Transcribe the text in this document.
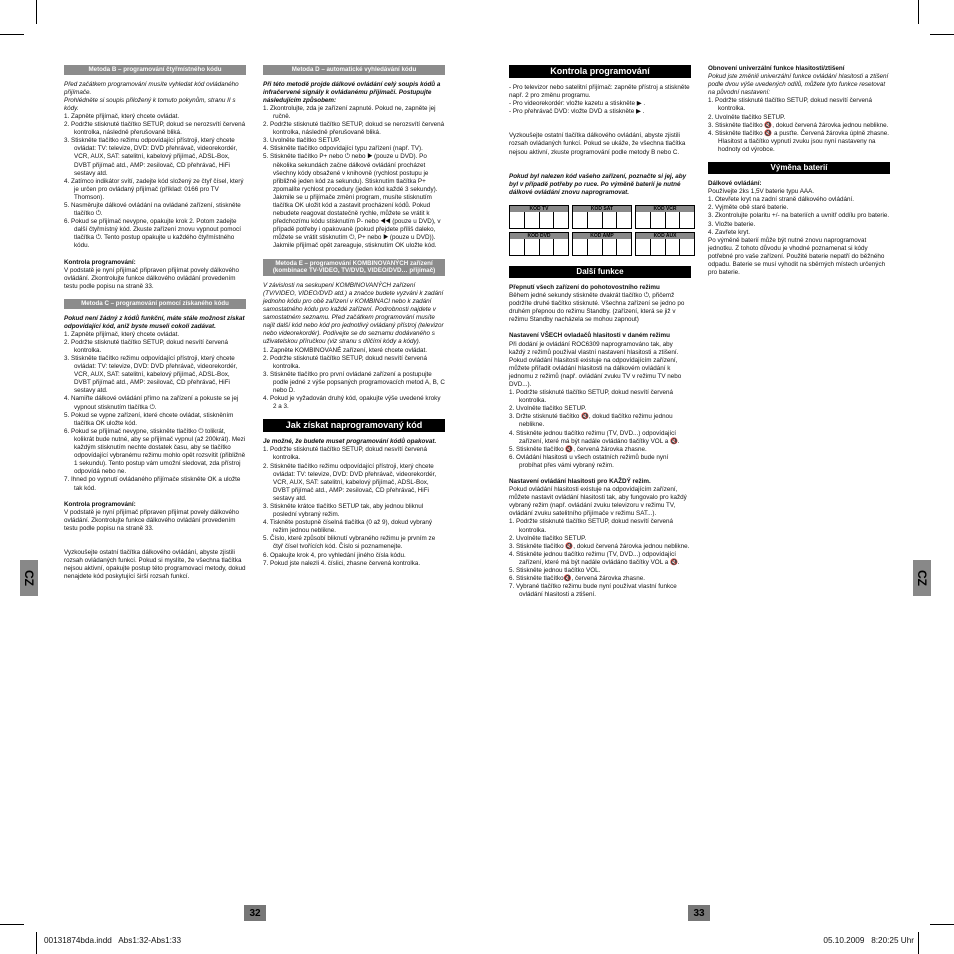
CZ	CZ
Metoda B – programování čtyřmístného kódu

Před začátkem programování musíte vyhledat kód ovládaného přijímače.

Prohlédněte si soupis přiložený k tomuto pokynům, stranu II s kódy.

1. Zapněte přijímač, který chcete ovládat.
2. Podržte stisknuté tlačítko SETUP, dokud se nerozsvítí červená kontrolka, následně přerušovaně bliká.
3. Stiskněte tlačítko režimu odpovídající přístroji, který chcete ovládat: TV: televize, DVD: DVD přehrávač, videorekordér, VCR, AUX, SAT: satelitní, kabelový přijímač, ADSL-Box, DVBT přijímač atd., AMP: zesilovač, CD přehrávač, HiFi sestavy atd.
4. Zatímco indikátor svítí, zadejte kód složený ze čtyř čísel, který je určen pro ovládaný přijímač (příklad: 0166 pro TV Thomson).
5. Nasměrujte dálkové ovládání na ovládané zařízení, stiskněte tlačítko ⏻.
6. Pokud se přijímač nevypne, opakujte krok 2. Potom zadejte další čtyřmístný kód. Zkuste zařízení znovu vypnout pomocí tlačítka ⏻. Tento postup opakujte u každého čtyřmístného kódu.

Kontrola programování:

V podstatě je nyní přijímač připraven přijímat povely dálkového ovládání. Zkontrolujte funkce dálkového ovládání provedením testu podle popisu na straně 33.

Metoda C – programování pomocí získaného kódu

Pokud není žádný z kódů funkční, máte stále možnost získat odpovídající kód, aniž byste museli cokoli zadávat.

1. Zapněte přijímač, který chcete ovládat.
2. Podržte stisknuté tlačítko SETUP, dokud nesvítí červená kontrolka.
3. Stiskněte tlačítko režimu odpovídající přístroji, který chcete ovládat: TV: televize, DVD: DVD přehrávač, videorekordér, VCR, AUX, SAT: satelitní, kabelový přijímač, ADSL-Box, DVBT přijímač atd., AMP: zesilovač, CD přehrávač, HiFi sestavy atd.
4. Namiřte dálkové ovládání přímo na zařízení a pokuste se jej vypnout stisknutím tlačítka ⏻.
5. Pokud se vypne zařízení, které chcete ovládat, stiskněním tlačítka OK uložte kód.
6. Pokud se přijímač nevypne, stiskněte tlačítko ⏻ tolikrát, kolikrát bude nutné, aby se přijímač vypnul (až 200krát). Mezi každým stisknutím nechte dostatek času, aby se tlačítko odpovídající vybranému režimu mohlo opět rozsvítit (přibližně 1 sekundu). Tento postup vám umožní sledovat, zda přístroj odpovídá nebo ne.
7. Ihned po vypnutí ovládaného přijímače stiskněte OK a uložte tak kód.

Kontrola programování:

V podstatě je nyní přijímač připraven přijímat povely dálkového ovládání. Zkontrolujte funkce dálkového ovládání provedením testu podle popisu na straně 33.

Vyzkoušejte ostatní tlačítka dálkového ovládání, abyste zjistili rozsah ovládaných funkcí. Pokud si myslíte, že všechna tlačítka nejsou aktivní, opakujte postup této programovací metody, dokud nenajdete kód poskytující širší rozsah funkcí.

Metoda D – automatické vyhledávání kódu

Při této metodě projde dálkové ovládání celý soupis kódů a infračervené signály k ovládanému přijímači. Postupujte následujícím způsobem:

1. Zkontrolujte, zda je zařízení zapnuté. Pokud ne, zapněte jej ručně.
2. Podržte stisknuté tlačítko SETUP, dokud se nerozsvítí červená kontrolka, následně přerušovaně bliká.
3. Uvolněte tlačítko SETUP.
4. Stiskněte tlačítko odpovídající typu zařízení (např. TV).
5. Stiskněte tlačítko P+ nebo ⏻ nebo ▶ (pouze u DVD). Po několika sekundách začne dálkové ovládání procházet všechny kódy obsažené v knihovně (rychlost postupu je přibližně jeden kód za sekundu). Stisknutím tlačítka P+ zpomalíte rychlost procedury (jeden kód každé 3 sekundy). Jakmile se u přijímače změní program, musíte stisknutím tlačítka OK uložit kód a zastavit procházení kódů. Pokud nebudete reagovat dostatečně rychle, můžete se vrátit k předchozímu kódu stisknutím P- nebo ◀◀ (pouze u DVD), v případě potřeby i opakovaně (pokud přejdete příliš daleko, můžete se vrátit stisknutím ⏻, P+ nebo ▶ (pouze u DVD)). Jakmile přijímač opět zareaguje, stisknutím OK uložte kód.
Metoda E – programování KOMBINOVANÝCH zařízení (kombinace TV-VIDEO, TV/DVD, VIDEO/DVD… přijímač)

V závislosti na seskupení KOMBINOVANÝCH zařízení (TV/VIDEO, VIDEO/DVD atd.) a značce budete vyzváni k zadání jednoho kódu pro obě zařízení v KOMBINACI nebo k zadání samostatného kódu pro každé zařízení. Podrobnosti najdete v samostatném seznamu. Před začátkem programování musíte najít další kód nebo kód pro jednotlivý ovládaný přístroj (televizor nebo videorekordér). Podívejte se do seznamu dodávaného s uživatelskou příručkou (viz stranu s dílčími kódy a kódy).

1. Zapněte KOMBINOVANÉ zařízení, které chcete ovládat.
2. Podržte stisknuté tlačítko SETUP, dokud nesvítí červená kontrolka.
3. Stiskněte tlačítko pro první ovládané zařízení a postupujte podle jedné z výše popsaných programovacích metod A, B, C nebo D.
4. Pokud je vyžadován druhý kód, opakujte výše uvedené kroky 2 a 3.
Jak získat naprogramovaný kód

Je možné, že budete muset programování kódů opakovat.

1. Podržte stisknuté tlačítko SETUP, dokud nesvítí červená kontrolka.
2. Stiskněte tlačítko režimu odpovídající přístroji, který chcete ovládat: TV: televize, DVD: DVD přehrávač, videorekordér, VCR, AUX, SAT: satelitní, kabelový přijímač, ADSL-Box, DVBT přijímač atd., AMP: zesilovač, CD přehrávač, HiFi sestavy atd.
3. Stiskněte krátce tlačítko SETUP tak, aby jednou bliknul poslední vybraný režim.
4. Tiskněte postupně číselná tlačítka (0 až 9), dokud vybraný režim jednou neblikne.
5. Číslo, které způsobí bliknutí vybraného režimu je prvním ze čtyř čísel tvořících kód. Číslo si poznamenejte.
6. Opakujte krok 4, pro vyhledání jiného čísla kódu.
7. Pokud jste nalezli 4. číslici, zhasne červená kontrolka.
Kontrola programování

- Pro televizor nebo satelitní přijímač: zapněte přístroj a stiskněte např. 2 pro změnu programu.

- Pro videorekordér: vložte kazetu a stiskněte ▶ .

- Pro přehrávač DVD: vložte DVD a stiskněte ▶ .

Vyzkoušejte ostatní tlačítka dálkového ovládání, abyste zjistili rozsah ovládaných funkcí. Pokud se ukáže, že všechna tlačítka nejsou aktivní, zkuste programování podle metody B nebo C.

Pokud byl nalezen kód vašeho zařízení, poznačte si jej, aby byl v případě potřeby po ruce. Po výměně baterií je nutné dálkové ovládání znovu naprogramovat.

KÓD TV	KÓD SAT	KÓD VCR
KÓD DVD	KÓD AMP	KÓD AUX
Další funkce

Přepnutí všech zařízení do pohotovostního režimu

Během jedné sekundy stiskněte dvakrát tlačítko ⏻, přičemž podržíte druhé tlačítko stisknuté. Všechna zařízení se jedno po druhém přepnou do režimu Standby. (zařízení, která se již v režimu Standby nacházela se mohou zapnout)

Nastavení VŠECH ovladačů hlasitosti v daném režimu

Při dodání je ovládání ROC6309 naprogramováno tak, aby každý z režimů používal vlastní nastavení hlasitosti a ztišení. Pokud ovládání hlasitosti existuje na odpovídajícím zařízení, můžete přiřadit ovládání hlasitosti na dálkovém ovládání k jednomu z režimů (např. ovládání zvuku TV v režimu TV nebo DVD...).

1. Podržte stisknuté tlačítko SETUP, dokud nesvítí červená kontrolka.
2. Uvolněte tlačítko SETUP.
3. Držte stisknuté tlačítko 🔇, dokud tlačítko režimu jednou neblikne.
4. Stiskněte jednou tlačítko režimu (TV, DVD...) odpovídající zařízení, které má být nadále ovládáno tlačítky VOL a 🔇.
5. Stiskněte tlačítko 🔇, červená žárovka zhasne.
6. Ovládání hlasitosti u všech ostatních režimů bude nyní probíhat přes vámi vybraný režim.

Nastavení ovládání hlasitosti pro KAŽDÝ režim.

Pokud ovládání hlasitosti existuje na odpovídajícím zařízení, můžete nastavit ovládání hlasitosti tak, aby fungovalo pro každý vybraný režim (např. ovládání zvuku televizoru v režimu TV, ovládání zvuku satelitního přijímače v režimu SAT...).

1. Podržte stisknuté tlačítko SETUP, dokud nesvítí červená kontrolka.
2. Uvolněte tlačítko SETUP.
3. Stiskněte tlačítko 🔇, dokud červená žárovka jednou neblikne.
4. Stiskněte jednou tlačítko režimu (TV, DVD...) odpovídající zařízení, které má být nadále ovládáno tlačítky VOL a 🔇.
5. Stiskněte jednou tlačítko VOL.
6. Stiskněte tlačítko🔇, červená žárovka zhasne.
7. Vybrané tlačítko režimu bude nyní používat vlastní funkce ovládání hlasitosti a ztišení.

Obnovení univerzální funkce hlasitosti/ztišení

Pokud jste změnili univerzální funkce ovládání hlasitosti a ztišení podle dvou výše uvedených odílů, můžete tyto funkce resetovat na původní nastavení:

1. Podržte stisknuté tlačítko SETUP, dokud nesvítí červená kontrolka.
2. Uvolněte tlačítko SETUP.
3. Stiskněte tlačítko 🔇, dokud červená žárovka jednou neblikne.
4. Stiskněte tlačítko 🔇 a pusťte. Červená žárovka úplně zhasne. Hlasitost a tlačítko vypnutí zvuku jsou nyní nastaveny na hodnoty od výrobce.
Výměna baterií

Dálkové ovládání:

Používejte 2ks 1,5V baterie typu AAA.

1. Otevřete kryt na zadní straně dálkového ovládání.
2. Vyjměte obě staré baterie.
3. Zkontrolujte polaritu +/- na bateriích a uvnitř oddílu pro baterie.
3. Vložte baterie.
4. Zavřete kryt.

Po výměně baterií může být nutné znovu naprogramovat jednotku. Z tohoto důvodu je vhodné poznamenat si kódy potřebné pro vaše zařízení. Použité baterie nepatří do běžného odpadu. Baterie se musí vyhodit na sběrných místech určených pro baterie.

32	33
00131874bda.indd   Abs1:32-Abs1:33	05.10.2009   8:20:25 Uhr
